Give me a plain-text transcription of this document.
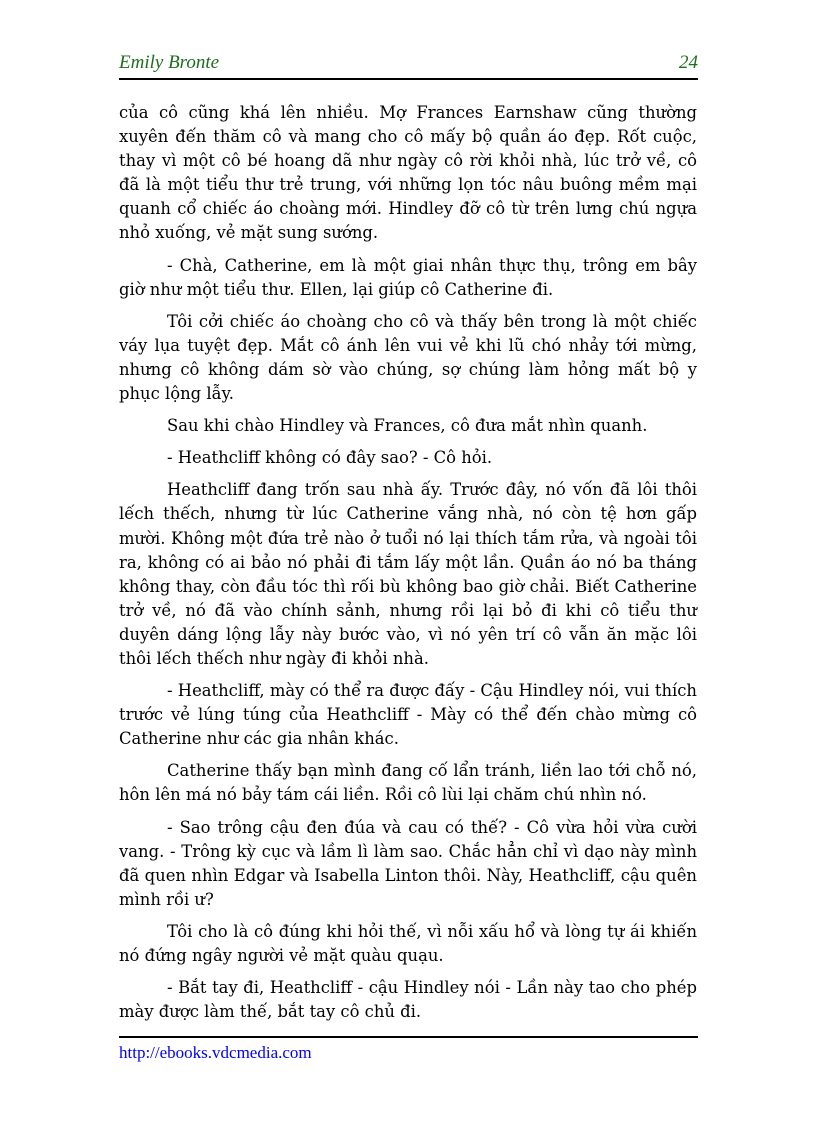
Emily Bronte	24

của cô cũng khá lên nhiều. Mợ Frances Earnshaw cũng thường xuyên đến thăm cô và mang cho cô mấy bộ quần áo đẹp. Rốt cuộc, thay vì một cô bé hoang dã như ngày cô rời khỏi nhà, lúc trở về, cô đã là một tiểu thư trẻ trung, với những lọn tóc nâu buông mềm mại quanh cổ chiếc áo choàng mới. Hindley đỡ cô từ trên lưng chú ngựa nhỏ xuống, vẻ mặt sung sướng.

- Chà, Catherine, em là một giai nhân thực thụ, trông em bây giờ như một tiểu thư. Ellen, lại giúp cô Catherine đi.

Tôi cởi chiếc áo choàng cho cô và thấy bên trong là một chiếc váy lụa tuyệt đẹp. Mắt cô ánh lên vui vẻ khi lũ chó nhảy tới mừng, nhưng cô không dám sờ vào chúng, sợ chúng làm hỏng mất bộ y phục lộng lẫy.

Sau khi chào Hindley và Frances, cô đưa mắt nhìn quanh.

- Heathcliff không có đây sao? - Cô hỏi.

Heathcliff đang trốn sau nhà ấy. Trước đây, nó vốn đã lôi thôi lếch thếch, nhưng từ lúc Catherine vắng nhà, nó còn tệ hơn gấp mười. Không một đứa trẻ nào ở tuổi nó lại thích tắm rửa, và ngoài tôi ra, không có ai bảo nó phải đi tắm lấy một lần. Quần áo nó ba tháng không thay, còn đầu tóc thì rối bù không bao giờ chải. Biết Catherine trở về, nó đã vào chính sảnh, nhưng rồi lại bỏ đi khi cô tiểu thư duyên dáng lộng lẫy này bước vào, vì nó yên trí cô vẫn ăn mặc lôi thôi lếch thếch như ngày đi khỏi nhà.

- Heathcliff, mày có thể ra được đấy - Cậu Hindley nói, vui thích trước vẻ lúng túng của Heathcliff - Mày có thể đến chào mừng cô Catherine như các gia nhân khác.

Catherine thấy bạn mình đang cố lẩn tránh, liền lao tới chỗ nó, hôn lên má nó bảy tám cái liền. Rồi cô lùi lại chăm chú nhìn nó.

- Sao trông cậu đen đúa và cau có thế? - Cô vừa hỏi vừa cười vang. - Trông kỳ cục và lầm lì làm sao. Chắc hẳn chỉ vì dạo này mình đã quen nhìn Edgar và Isabella Linton thôi. Này, Heathcliff, cậu quên mình rồi ư?

Tôi cho là cô đúng khi hỏi thế, vì nỗi xấu hổ và lòng tự ái khiến nó đứng ngây người vẻ mặt quàu quạu.

- Bắt tay đi, Heathcliff - cậu Hindley nói - Lần này tao cho phép mày được làm thế, bắt tay cô chủ đi.

http://ebooks.vdcmedia.com
